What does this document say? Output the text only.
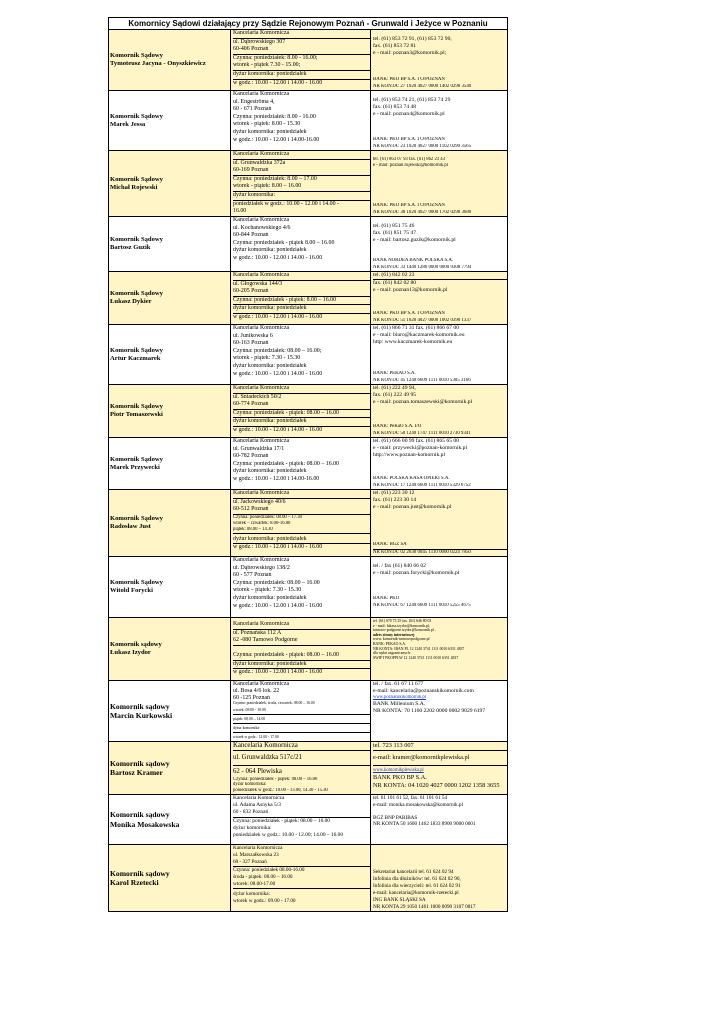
Komornicy Sądowi działający przy Sądzie Rejonowym Poznań - Grunwald i Jeżyce w Poznaniu
Komornik Sądowy
Tymoteusz Jacyna - Onyszkiewicz
Kancelaria Komornicza
ul. Dąbrowskiego 307
60-406 Poznań
Czynna: poniedziałek: 8.00 - 16.00;
wtorek - piątek 7.30 - 15.00;
dyżur komornika: poniedziałek
w godz.: 10.00 - 12.00 i 14.00 - 16.00
tel. (61) 853 72 91, (61) 853 72 90,
fax. (61) 853 72 81
e - mail: poznan3@komornik.pl;
BANK: PKO BP S.A. I O/POZNAŃ
NR KONTA: 27 1020 4027 0000 1402 0290 3540
Komornik Sądowy
Marek Jessa
Kancelaria Komornicza
ul. Engeströma 4,
60 - 671 Poznań
Czynna: poniedziałek: 8.00 - 16.00
wtorek - piątek: 8.00 - 15.30
dyżur komornika: poniedziałek
w godz.: 10.00 - 12.00 i 14.00-16.00
tel. (61) 853 74 21, (61) 853 74 29
fax. (61) 853 74 48
e - mail: poznan4@komornik.pl
BANK: PKO BP S.A. I O/POZNAŃ
NR KONTA: 23 1020 4027 0000 1102 0290 3565
Komornik Sądowy
Michał Rojewski
Kancelaria Komornicza
ul. Grunwaldzka 372a
60-169 Poznań
Czynna: poniedziałek: 8.00 – 17.00
wtorek - piątek: 8.00 – 16.00
dyżur komornika:
poniedziałek w godz.: 10.00 - 12.00 i 14.00 -
16.00
tel. (61) 863 07 93 fax. (61) 862 23 43
e - mail: poznan.rojewski@komornik.pl
BANK: PKO BP S.A. I O/POZNAŃ
NR KONTA: 38 1020 4027 0000 1702 0290 3680
Komornik Sądowy
Bartosz Guzik
Kancelaria Komornicza
ul. Kochanowskiego 4/6
60-844 Poznań
Czynna: poniedziałek - piątek 8.00 – 16.00
dyżur komornika: poniedziałek
w godz.: 10.00 - 12.00 i 14.00 - 16.00
tel. (61) 851 75 46
fax. (61) 851 75 47
e - mail: bartosz.guzik@komornik.pl
BANK NORDEA BANK POLSKA S.A.
NR KONTA: 33 1440 1286 0000 0000 0308 7794
Komornik Sądowy
Łukasz Dykier
Kancelaria Komornicza
ul. Głogowska 144/3
60-205 Poznań
Czynna: poniedziałek - piątek: 8.00 – 16.00
dyżur komornika: poniedziałek
w godz.: 10.00 - 12.00 i 14.00 - 16.00
tel. (61) 842 02 23
fax. (61) 842 02 80
e - mail: poznan13@komornik.pl
BANK: PKO BP S.A. I O/POZNAŃ
NR KONTA: 51 1020 4027 0000 1002 0390 1337
Komornik Sądowy
Artur Kaczmarek
Kancelaria Komornicza
ul. Junikowska 6
60-163 Poznań
Czynna: poniedziałek: 08.00 – 16.00;
wtorek - piątek: 7.30 - 15.30
dyżur komornika: poniedziałek
w godz.: 10.00 - 12.00 i 14.00 - 16.00
tel. (61) 866 71 31 fax. (61) 866 67 00
e - mail: biuro@kaczmarek-komornik.eu
http: www.kaczmarek-komornik.eu
BANK: PEKAO S.A.
NR KONTA: 45 1240 6609 1111 0010 5305 3166
Komornik Sądowy
Piotr Tomaszewski
Kancelaria Komornicza
ul. Śniadeckich 50/2
60-774 Poznań
Czynna: poniedziałek - piątek: 08.00 – 16.00
dyżur komornika: poniedziałek
w godz.: 10.00 - 12.00 i 14.00 - 16.00
tel. (61) 222 49 94,
fax. (61) 222 49 95
e - mail: poznan.tomaszewski@komornik.pl
BANK: PeKaO S.A. I/O
NR KONTA: 50 1240 1747 1111 0010 2730 9341
Komornik Sądowy
Marek Przywecki
Kancelaria Komornicza
ul. Grunwaldzka 17/1
60-782 Poznań
Czynna: poniedziałek - piątek: 08.00 – 16.00
dyżur komornika: poniedziałek
w godz.: 10.00 - 12.00 i 14.00-16.00
tel. (61) 666 00 99 fax. (61) 865 65 00
e - mail: przywecki@poznan-komornik.pl
http://www.poznan-komornik.pl
BANK: POLSKA KASA OPIEKI S.A.
NR KONTA: 17 1240 6609 1111 0010 5329 6752
Komornik Sądowy
Radosław Just
Kancelaria Komornicza
ul. Jackowskiego 40/6
60-512 Poznań
Czynna: poniedziałek: 08.00 – 17.30
wtorek – czwartek: 8.00-16.00
piątek: 08.00 – 14.30
dyżur komornika: poniedziałek
w godz.: 10.00 - 12.00 i 14.00 - 16.00
tel. (61) 223 30 12
fax. (61) 223 30 14
e - mail: poznan.just@komornik.pl
BANK: BGŻ SA
NR KONTA: 02 2030 0045 1110 0000 0224 7850
Komornik Sądowy
Witold Forycki
Kancelaria Komornicza
ul. Dąbrowskiego 138/2
60 - 577 Poznań
Czynna: poniedziałek: 08.00 – 16.00
wtorek – piątek: 7.30 - 15.30
dyżur komornika: poniedziałek
w godz.: 10.00 - 12.00 i 14.00 - 16.00
tel. / fax (61) 840 66 02
e - mail: poznan.forycki@komornik.pl
BANK: PKO
NR KONTA: 67 1240 6609 1111 0010 5255 4675
Komornik sądowy
Łukasz Izydor
Kancelaria Komornicza
ul. Poznańska 112 A
62 -080 Tarnowo Podgórne
Czynna: poniedziałek - piątek: 08.00 – 16.00
dyżur komornika: poniedziałek
w godz.: 10.00 - 12.00 i 14.00 - 16.00
tel. (61) 670 73 25 fax. (61) 646 80 03
e - mail: lukasz.izydor@komornik.pl,
tarnowo-podgorne.izydor@komornik.pl ,
adres strony internetowej
www. komornik-tarnowopodgorne.pl
BANK: PEKAO S.A.
NR KONTA: IBAN PL 12 1240 3741 1111 0010 6351 4837
dla wpłat zagranicznych:
SWIFT PKOPPLW 12 1240 3741 1111 0010 6351 4837
Komornik sądowy
Marcin Kurkowski
Kancelaria Komornicza
ul. Bosa 4/6 lok. 22
60 -125 Poznań
Czynna: poniedziałek, środa, czwartek: 08.00 – 16.00
wtorek: 08.00 - 18.00
piątek: 08.00 – 14.00
dyżur komornika:
wtorek w godz.: 12.00 - 17.00
tel. / fax. 61 67 11 677
e-mail: kancelaria@poznanskikomornik.com
www.poznanskikomornik.pl
BANK Millenium S.A.
NR KONTA: 70 1160 2202 0000 0002 9029 6197
Komornik sądowy
Bartosz Kramer
Kancelaria Komornicza
ul. Grunwaldzka 517c/21
62 - 064 Plewiska
Czynna: poniedziałek - piątek: 08.00 – 16.00
dyżur komornika:
poniedziałek w godz.: 10.00 - 13.00, 14.30 - 15.30
tel. 723 113 007
e-mail: kramer@komornikplewiska.pl
www.komornikplewiska.pl
BANK PKO BP S.A.
NR KONTA: 04 1020 4027 0000 1202 1358 3655
Komornik sądowy
Monika Mosakowska
Kancelaria Komornicza
ul. Adama Asnyka 5/3
60 - 832 Poznań
Czynna: poniedziałek - piątek: 08.00 – 16.00
dyżur komornika:
poniedziałek w godz.: 10.00 - 12.00; 14.00 – 16.00
tel. 61 101 61 52, fax. 61 101 61 54
e-mail: monika.mosakowska@komornik.pl
BGŻ BNP PARIBAS
NR KONTA 50 1600 1462 1833 8900 9000 0001
Komornik sądowy
Karol Rzetecki
Kancelaria Komornicza
ul. Marszałkowska 23
60 - 327 Poznań
Czynna: poniedziałek 08.00-16.00
środa - piątek: 08.00 – 16.00
wtorek: 08.00-17.00
dyżur komornika:
wtorek w godz.: 09.00 - 17.00
Sekretariat kancelarii tel. 61 624 02 94
Infolinia dla dłużników: tel. 61 624 02 90,
Infolinia dla wierzycieli: tel. 61 624 02 91
e-mail: kancelaria@komornik-rzetecki.pl
ING BANK ŚLĄSKI SA
NR KONTA 29 1050 1461 1000 0090 3107 0817
